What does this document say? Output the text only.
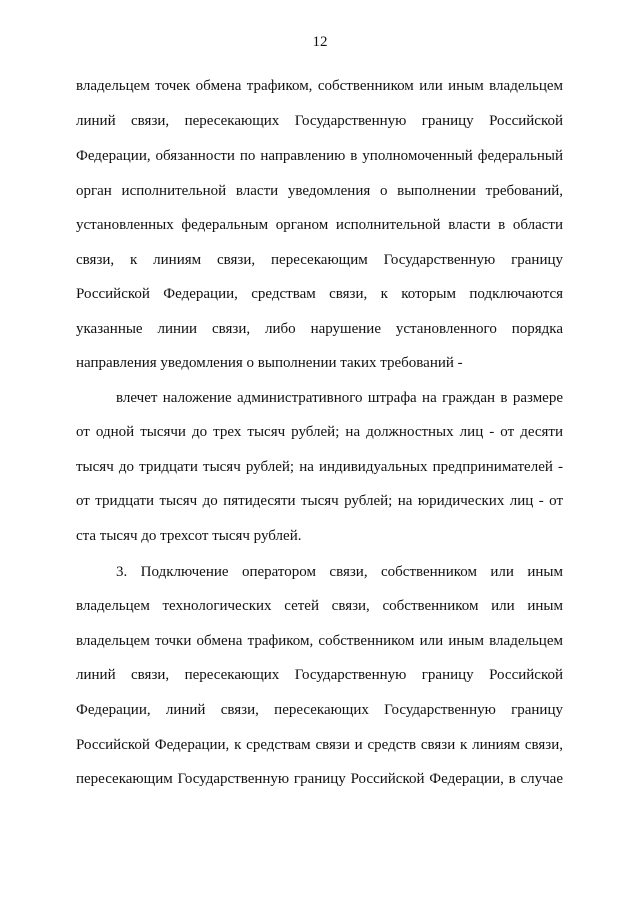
12
владельцем точек обмена трафиком, собственником или иным владельцем
линий связи, пересекающих Государственную границу Российской
Федерации, обязанности по направлению в уполномоченный федеральный
орган исполнительной власти уведомления о выполнении требований,
установленных федеральным органом исполнительной власти в области
связи, к линиям связи, пересекающим Государственную границу
Российской Федерации, средствам связи, к которым подключаются
указанные линии связи, либо нарушение установленного порядка
направления уведомления о выполнении таких требований -
влечет наложение административного штрафа на граждан в размере
от одной тысячи до трех тысяч рублей; на должностных лиц - от десяти
тысяч до тридцати тысяч рублей; на индивидуальных предпринимателей -
от тридцати тысяч до пятидесяти тысяч рублей; на юридических лиц - от
ста тысяч до трехсот тысяч рублей.
3. Подключение оператором связи, собственником или иным
владельцем технологических сетей связи, собственником или иным
владельцем точки обмена трафиком, собственником или иным владельцем
линий связи, пересекающих Государственную границу Российской
Федерации, линий связи, пересекающих Государственную границу
Российской Федерации, к средствам связи и средств связи к линиям связи,
пересекающим Государственную границу Российской Федерации, в случае
